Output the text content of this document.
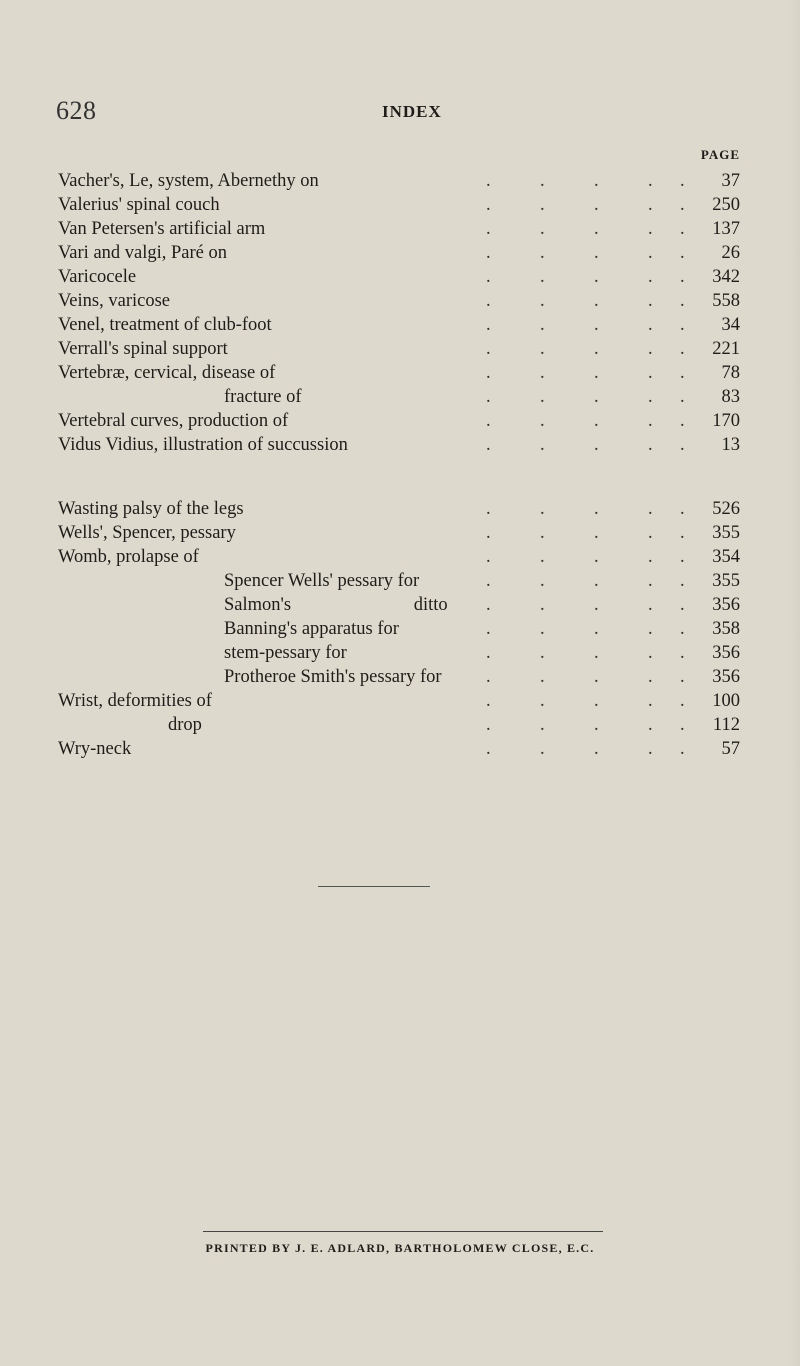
628	INDEX
PAGE
Vacher's, Le, system, Abernethy on	.	.	.	. .	37
Valerius' spinal couch	.	.	.	. .	250
Van Petersen's artificial arm	.	.	.	. .	137
Vari and valgi, Paré on	.	.	.	. .	26
Varicocele	.	.	.	. .	342
Veins, varicose	.	.	.	. .	558
Venel, treatment of club-foot	.	.	.	. .	34
Verrall's spinal support	.	.	.	. .	221
Vertebræ, cervical, disease of	.	.	.	. .	78
fracture of	.	.	.	. .	83
Vertebral curves, production of	.	.	.	. .	170
Vidus Vidius, illustration of succussion	.	.	.	. .	13
Wasting palsy of the legs	.	.	.	. .	526
Wells', Spencer, pessary	.	.	.	. .	355
Womb, prolapse of	.	.	.	. .	354
Spencer Wells' pessary for	.	.	.	. .	355
Salmon's ditto .	.	.	. .	356
Banning's apparatus for	.	.	.	. .	358
stem-pessary for	.	.	.	. .	356
Protheroe Smith's pessary for .	.	.	. .	356
Wrist, deformities of	.	.	.	. .	100
drop	.	.	.	. .	112
Wry-neck	.	.	.	. .	57
PRINTED BY J. E. ADLARD, BARTHOLOMEW CLOSE, E.C.
